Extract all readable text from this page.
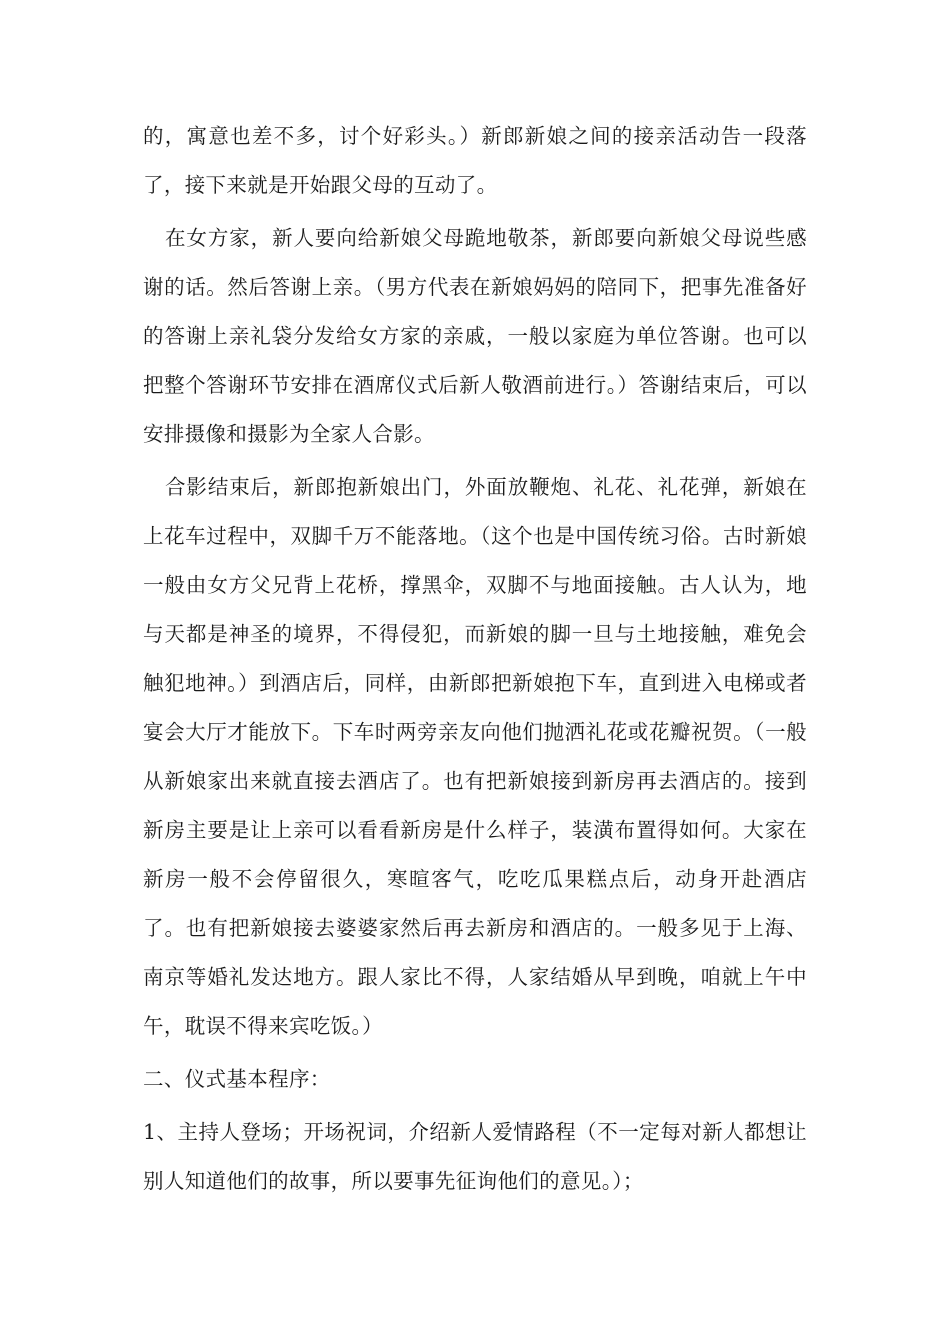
的，寓意也差不多，讨个好彩头。）新郎新娘之间的接亲活动告一段落了，接下来就是开始跟父母的互动了。

在女方家，新人要向给新娘父母跪地敬茶，新郎要向新娘父母说些感谢的话。然后答谢上亲。（男方代表在新娘妈妈的陪同下，把事先准备好的答谢上亲礼袋分发给女方家的亲戚，一般以家庭为单位答谢。也可以把整个答谢环节安排在酒席仪式后新人敬酒前进行。）答谢结束后，可以安排摄像和摄影为全家人合影。

合影结束后，新郎抱新娘出门，外面放鞭炮、礼花、礼花弹，新娘在上花车过程中，双脚千万不能落地。（这个也是中国传统习俗。古时新娘一般由女方父兄背上花桥，撑黑伞，双脚不与地面接触。古人认为，地与天都是神圣的境界，不得侵犯，而新娘的脚一旦与土地接触，难免会触犯地神。）到酒店后，同样，由新郎把新娘抱下车，直到进入电梯或者宴会大厅才能放下。下车时两旁亲友向他们抛洒礼花或花瓣祝贺。（一般从新娘家出来就直接去酒店了。也有把新娘接到新房再去酒店的。接到新房主要是让上亲可以看看新房是什么样子，装潢布置得如何。大家在新房一般不会停留很久，寒暄客气，吃吃瓜果糕点后，动身开赴酒店了。也有把新娘接去婆婆家然后再去新房和酒店的。一般多见于上海、南京等婚礼发达地方。跟人家比不得，人家结婚从早到晚，咱就上午中午，耽误不得来宾吃饭。）

二、仪式基本程序：

1、主持人登场；开场祝词，介绍新人爱情路程（不一定每对新人都想让别人知道他们的故事，所以要事先征询他们的意见。）；
